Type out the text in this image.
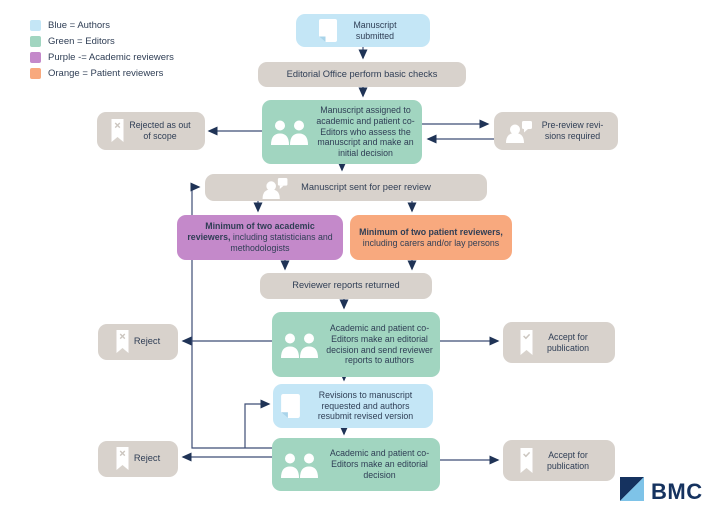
Blue = Authors
Green = Editors
Purple -= Academic reviewers
Orange = Patient reviewers
Manuscript submitted
Editorial Office perform basic checks
Manuscript assigned to academic and patient co-Editors who assess the manuscript and make an initial decision
Rejected as out of scope
Pre-review revi-sions required
Manuscript sent for peer review
Minimum of two academic reviewers, including statisticians and methodologists
Minimum of two patient reviewers, including carers and/or lay persons
Reviewer reports returned
Academic and patient co-Editors make an editorial decision and send reviewer reports to authors
Reject	Accept for publication
Revisions to manuscript requested and authors resubmit revised version
Academic and patient co-Editors make an editorial decision
Reject	Accept for publication
BMC
